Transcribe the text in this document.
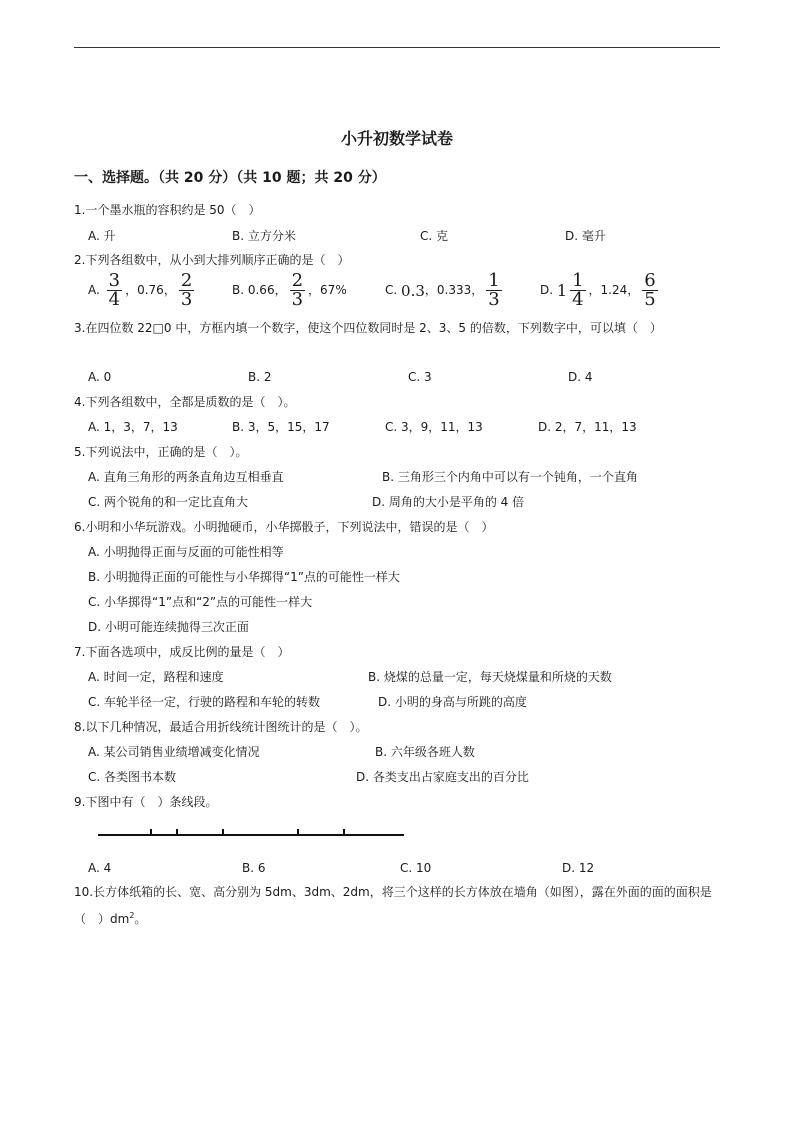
小升初数学试卷
一、选择题。（共 20 分）（共 10 题；共 20 分）
1.一个墨水瓶的容积约是 50（　）
A. 升	B. 立方分米	C. 克	D. 毫升
2.下列各组数中，从小到大排列顺序正确的是（　）
A. $\frac{3}{4}$ ，0.76， $\frac{2}{3}$	B. 0.66， $\frac{2}{3}$ ，67%	C. 0.3，0.333， $\frac{1}{3}$	D. $1 \frac{1}{4}$ ，1.24， $\frac{6}{5}$
3.在四位数 22□0 中，方框内填一个数字，使这个四位数同时是 2、3、5 的倍数，下列数字中，可以填（　）
A. 0	B. 2	C. 3	D. 4
4.下列各组数中，全都是质数的是（　）。
A. 1，3，7，13	B. 3，5，15，17	C. 3，9，11，13	D. 2，7，11，13
5.下列说法中，正确的是（　）。
A. 直角三角形的两条直角边互相垂直	B. 三角形三个内角中可以有一个钝角，一个直角
C. 两个锐角的和一定比直角大	D. 周角的大小是平角的 4 倍
6.小明和小华玩游戏。小明抛硬币，小华掷骰子，下列说法中，错误的是（　）
A. 小明抛得正面与反面的可能性相等
B. 小明抛得正面的可能性与小华掷得“1”点的可能性一样大
C. 小华掷得“1”点和“2”点的可能性一样大
D. 小明可能连续抛得三次正面
7.下面各选项中，成反比例的量是（　）
A. 时间一定，路程和速度	B. 烧煤的总量一定，每天烧煤量和所烧的天数
C. 车轮半径一定，行驶的路程和车轮的转数	D. 小明的身高与所跳的高度
8.以下几种情况，最适合用折线统计图统计的是（　）。
A. 某公司销售业绩增减变化情况	B. 六年级各班人数
C. 各类图书本数	D. 各类支出占家庭支出的百分比
9.下图中有（　）条线段。
A. 4	B. 6	C. 10	D. 12
10.长方体纸箱的长、宽、高分别为 5dm、3dm、2dm，将三个这样的长方体放在墙角（如图），露在外面的面的面积是（　）$dm^2$。
